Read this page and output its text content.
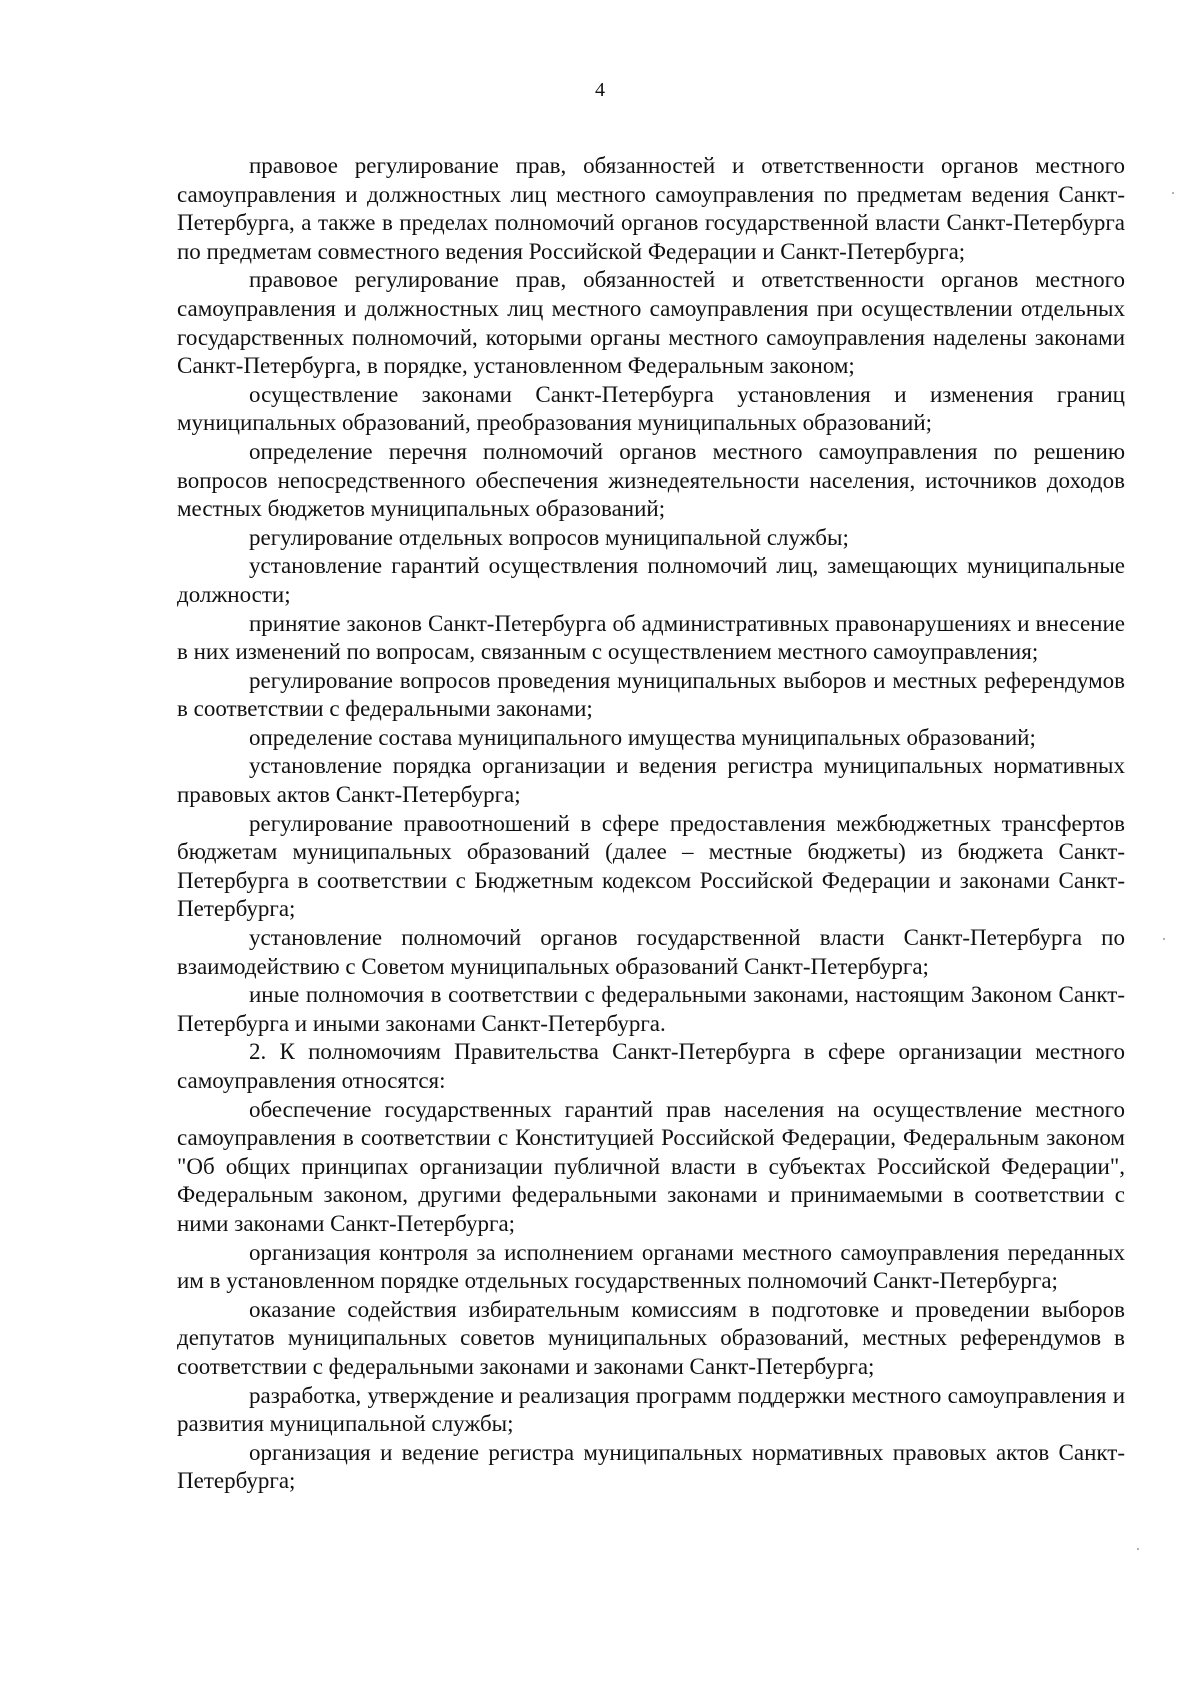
4

правовое регулирование прав, обязанностей и ответственности органов местного самоуправления и должностных лиц местного самоуправления по предметам ведения Санкт-Петербурга, а также в пределах полномочий органов государственной власти Санкт-Петербурга по предметам совместного ведения Российской Федерации и Санкт-Петербурга;

правовое регулирование прав, обязанностей и ответственности органов местного самоуправления и должностных лиц местного самоуправления при осуществлении отдельных государственных полномочий, которыми органы местного самоуправления наделены законами Санкт-Петербурга, в порядке, установленном Федеральным законом;

осуществление законами Санкт-Петербурга установления и изменения границ муниципальных образований, преобразования муниципальных образований;

определение перечня полномочий органов местного самоуправления по решению вопросов непосредственного обеспечения жизнедеятельности населения, источников доходов местных бюджетов муниципальных образований;

регулирование отдельных вопросов муниципальной службы;

установление гарантий осуществления полномочий лиц, замещающих муниципальные должности;

принятие законов Санкт-Петербурга об административных правонарушениях и внесение в них изменений по вопросам, связанным с осуществлением местного самоуправления;

регулирование вопросов проведения муниципальных выборов и местных референдумов в соответствии с федеральными законами;

определение состава муниципального имущества муниципальных образований;

установление порядка организации и ведения регистра муниципальных нормативных правовых актов Санкт-Петербурга;

регулирование правоотношений в сфере предоставления межбюджетных трансфертов бюджетам муниципальных образований (далее – местные бюджеты) из бюджета Санкт-Петербурга в соответствии с Бюджетным кодексом Российской Федерации и законами Санкт-Петербурга;

установление полномочий органов государственной власти Санкт-Петербурга по взаимодействию с Советом муниципальных образований Санкт-Петербурга;

иные полномочия в соответствии с федеральными законами, настоящим Законом Санкт-Петербурга и иными законами Санкт-Петербурга.

2. К полномочиям Правительства Санкт-Петербурга в сфере организации местного самоуправления относятся:

обеспечение государственных гарантий прав населения на осуществление местного самоуправления в соответствии с Конституцией Российской Федерации, Федеральным законом "Об общих принципах организации публичной власти в субъектах Российской Федерации", Федеральным законом, другими федеральными законами и принимаемыми в соответствии с ними законами Санкт-Петербурга;

организация контроля за исполнением органами местного самоуправления переданных им в установленном порядке отдельных государственных полномочий Санкт-Петербурга;

оказание содействия избирательным комиссиям в подготовке и проведении выборов депутатов муниципальных советов муниципальных образований, местных референдумов в соответствии с федеральными законами и законами Санкт-Петербурга;

разработка, утверждение и реализация программ поддержки местного самоуправления и развития муниципальной службы;

организация и ведение регистра муниципальных нормативных правовых актов Санкт-Петербурга;
